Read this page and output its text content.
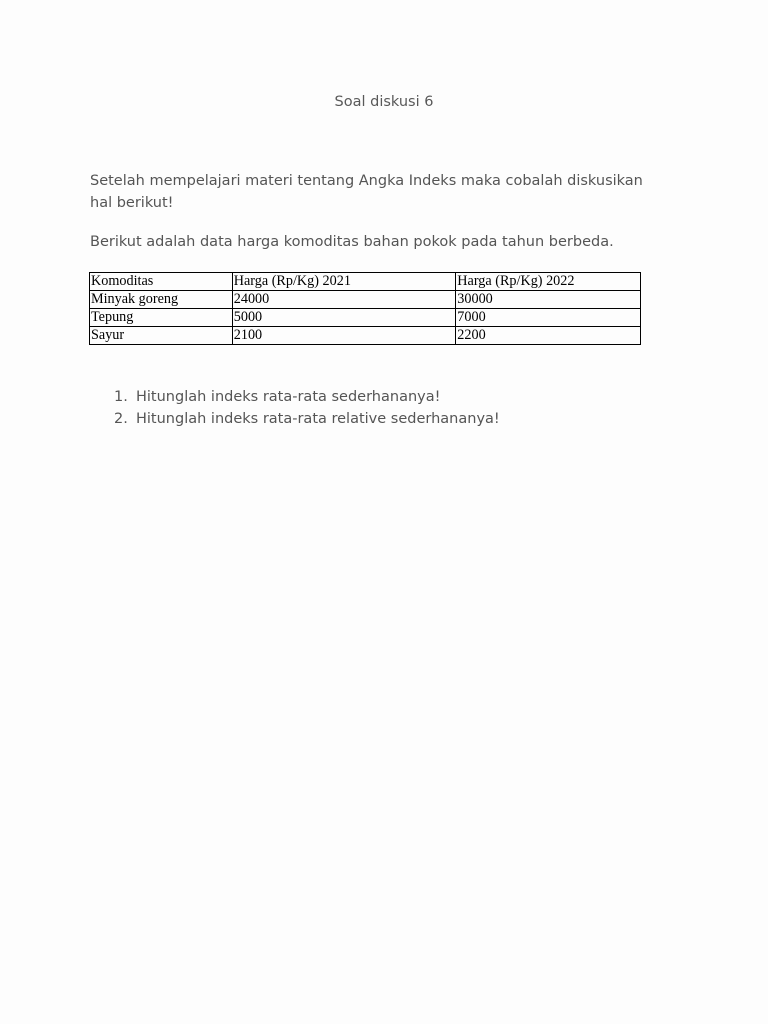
Soal diskusi 6
Setelah mempelajari materi tentang Angka Indeks maka cobalah diskusikan hal berikut!
Berikut adalah data harga komoditas bahan pokok pada tahun berbeda.
Komoditas	Harga (Rp/Kg) 2021	Harga (Rp/Kg) 2022
Minyak goreng	24000	30000
Tepung	5000	7000
Sayur	2100	2200
1. Hitunglah indeks rata-rata sederhananya!
2. Hitunglah indeks rata-rata relative sederhananya!
